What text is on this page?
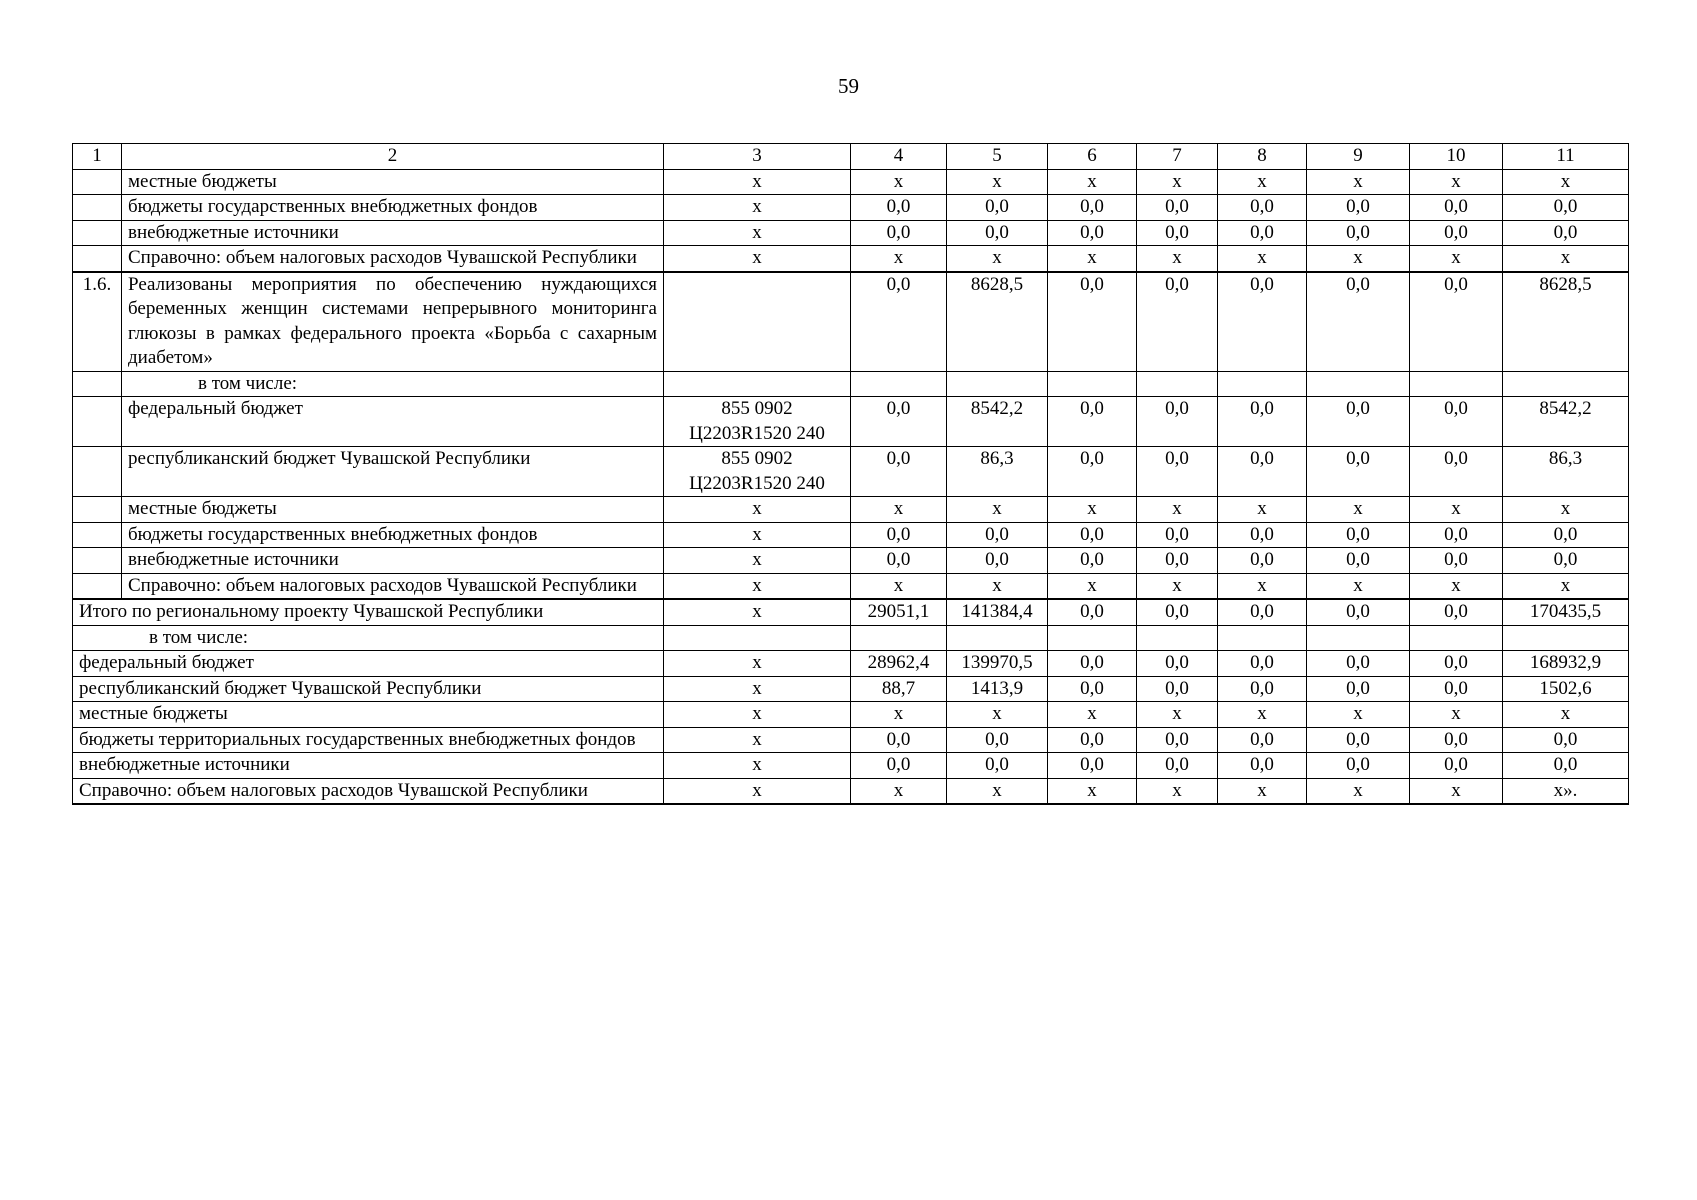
59
1	2	3	4	5	6	7	8	9	10	11
	местные бюджеты	х	х	х	х	х	х	х	х	х
	бюджеты государственных внебюджетных фондов	х	0,0	0,0	0,0	0,0	0,0	0,0	0,0	0,0
	внебюджетные источники	х	0,0	0,0	0,0	0,0	0,0	0,0	0,0	0,0
	Справочно: объем налоговых расходов Чувашской Республики	х	х	х	х	х	х	х	х	х
1.6.	Реализованы мероприятия по обеспечению нуждающихся беременных женщин системами непрерывного мониторинга глюкозы в рамках федерального проекта «Борьба с сахарным диабетом»		0,0	8628,5	0,0	0,0	0,0	0,0	0,0	8628,5
	в том числе:									
	федеральный бюджет	855 0902 Ц2203R1520 240	0,0	8542,2	0,0	0,0	0,0	0,0	0,0	8542,2
	республиканский бюджет Чувашской Республики	855 0902 Ц2203R1520 240	0,0	86,3	0,0	0,0	0,0	0,0	0,0	86,3
	местные бюджеты	х	х	х	х	х	х	х	х	х
	бюджеты государственных внебюджетных фондов	х	0,0	0,0	0,0	0,0	0,0	0,0	0,0	0,0
	внебюджетные источники	х	0,0	0,0	0,0	0,0	0,0	0,0	0,0	0,0
	Справочно: объем налоговых расходов Чувашской Республики	х	х	х	х	х	х	х	х	х
Итого по региональному проекту Чувашской Республики		х	29051,1	141384,4	0,0	0,0	0,0	0,0	0,0	170435,5
в том числе:										
федеральный бюджет		х	28962,4	139970,5	0,0	0,0	0,0	0,0	0,0	168932,9
республиканский бюджет Чувашской Республики		х	88,7	1413,9	0,0	0,0	0,0	0,0	0,0	1502,6
местные бюджеты		х	х	х	х	х	х	х	х	х
бюджеты территориальных государственных внебюджетных фондов		х	0,0	0,0	0,0	0,0	0,0	0,0	0,0	0,0
внебюджетные источники		х	0,0	0,0	0,0	0,0	0,0	0,0	0,0	0,0
Справочно: объем налоговых расходов Чувашской Республики		х	х	х	х	х	х	х	х	х».
